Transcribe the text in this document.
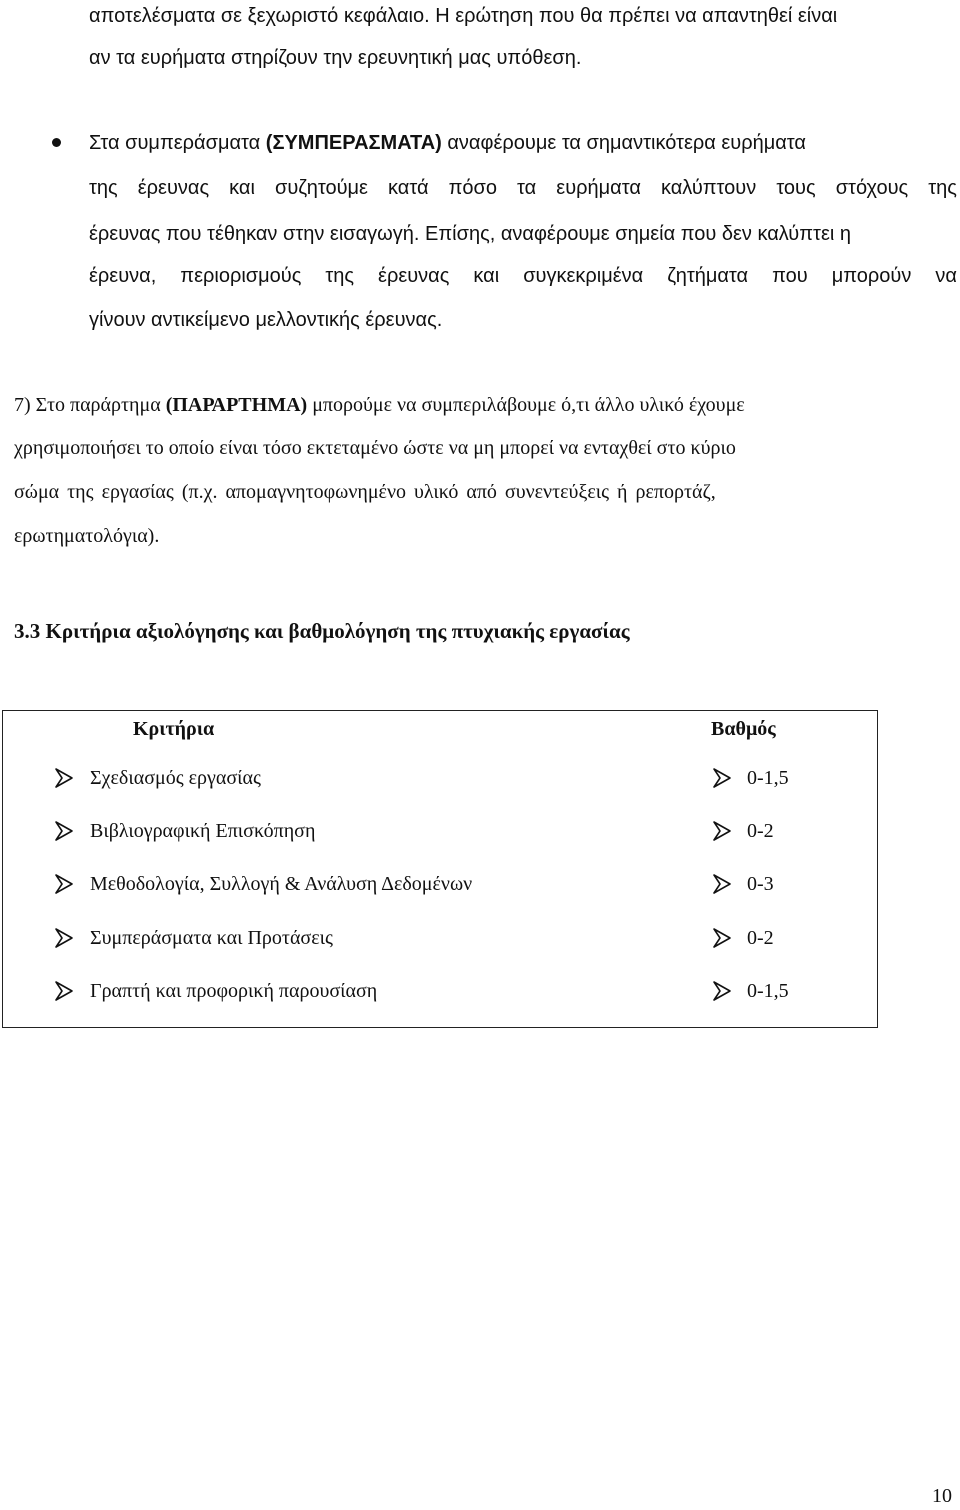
αποτελέσματα σε ξεχωριστό κεφάλαιο. Η ερώτηση που θα πρέπει να απαντηθεί είναι
αν τα ευρήματα στηρίζουν την ερευνητική μας υπόθεση.
Στα συμπεράσματα (ΣΥΜΠΕΡΑΣΜΑΤΑ) αναφέρουμε τα σημαντικότερα ευρήματα
της έρευνας και συζητούμε κατά πόσο τα ευρήματα καλύπτουν τους στόχους της
έρευνας που τέθηκαν στην εισαγωγή. Επίσης, αναφέρουμε σημεία που δεν καλύπτει η
έρευνα, περιορισμούς της έρευνας και συγκεκριμένα ζητήματα που μπορούν να
γίνουν αντικείμενο μελλοντικής έρευνας.
7) Στο παράρτημα (ΠΑΡΑΡΤΗΜΑ) μπορούμε να συμπεριλάβουμε ό,τι άλλο υλικό έχουμε
χρησιμοποιήσει το οποίο είναι τόσο εκτεταμένο ώστε να μη μπορεί να ενταχθεί στο κύριο
σώμα της εργασίας (π.χ. απομαγνητοφωνημένο υλικό από συνεντεύξεις ή ρεπορτάζ,
ερωτηματολόγια).
3.3 Κριτήρια αξιολόγησης και βαθμολόγηση της πτυχιακής εργασίας
Κριτήρια	Βαθμός
Σχεδιασμός εργασίας	0-1,5
Βιβλιογραφική Επισκόπηση	0-2
Μεθοδολογία, Συλλογή & Ανάλυση Δεδομένων	0-3
Συμπεράσματα και Προτάσεις	0-2
Γραπτή και προφορική παρουσίαση	0-1,5
10
